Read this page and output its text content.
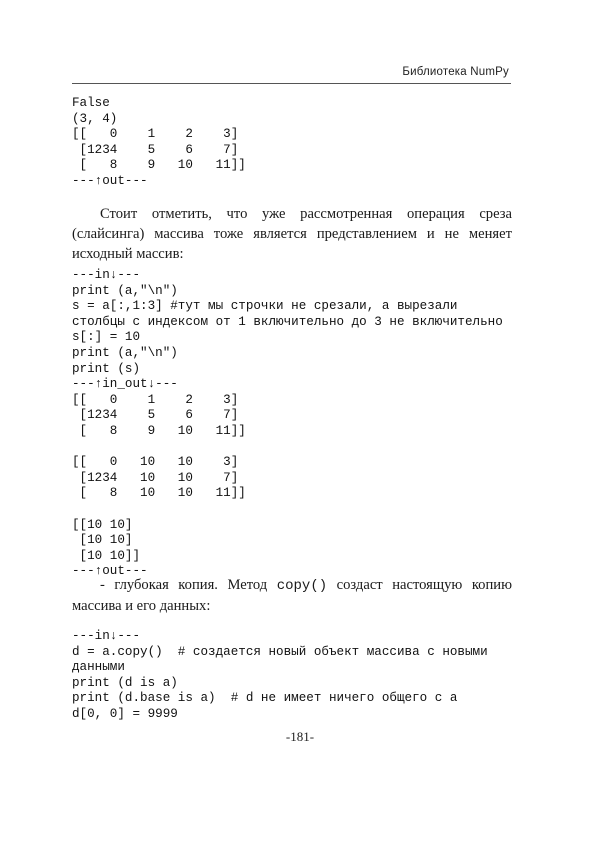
Библиотека NumPy
False
(3, 4)
[[   0    1    2    3]
[1234    5    6    7]
[   8    9   10   11]]
---↑out---

Стоит отметить, что уже рассмотренная операция среза (слайсинга) массива тоже является представлением и не меняет исходный массив:

---in↓---
print (a,"\n")
s = a[:,1:3] #тут мы строчки не срезали, а вырезали
столбцы с индексом от 1 включительно до 3 не включительно
s[:] = 10
print (a,"\n")
print (s)
---↑in_out↓---
[[   0    1    2    3]
[1234    5    6    7]
[   8    9   10   11]]

[[   0   10   10    3]
[1234   10   10    7]
[   8   10   10   11]]

[[10 10]
[10 10]
[10 10]]
---↑out---

- глубокая копия. Метод copy() создаст настоящую копию массива и его данных:

---in↓---
d = a.copy()  # создается новый объект массива с новыми
данными
print (d is a)
print (d.base is a)  # d не имеет ничего общего с a
d[0, 0] = 9999
-181-
